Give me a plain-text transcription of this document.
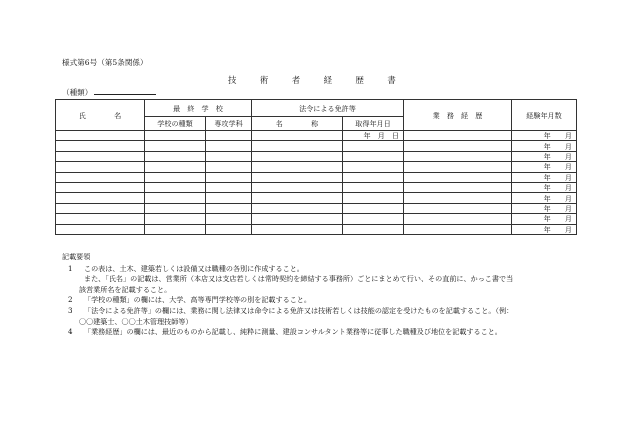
様式第6号（第5条関係）
技術者経歴書
（種類）
氏　　　　名	最　終　学　校		法令による免許等		業　務　経　歴	経験年月数
	学校の種類	専攻学科	名　　　　称	取得年月日		
				年　月　日		年　　月
						年　　月
						年　　月
						年　　月
						年　　月
						年　　月
						年　　月
						年　　月
						年　　月
						年　　月
記載要領
1 この表は、土木、建築若しくは設備又は職種の各別に作成すること。
また、「氏名」の記載は、営業所（本店又は支店若しくは常時契約を締結する事務所）ごとにまとめて行い、その直前に、かっこ書で当
該営業所名を記載すること。
2 「学校の種類」の欄には、大学、高等専門学校等の別を記載すること。
3 「法令による免許等」の欄には、業務に関し法律又は命令による免許又は技術若しくは技能の認定を受けたものを記載すること。（例：
〇〇建築士、〇〇土木管理技師等）
4 「業務経歴」の欄には、最近のものから記載し、純粋に測量、建設コンサルタント業務等に従事した職種及び地位を記載すること。
